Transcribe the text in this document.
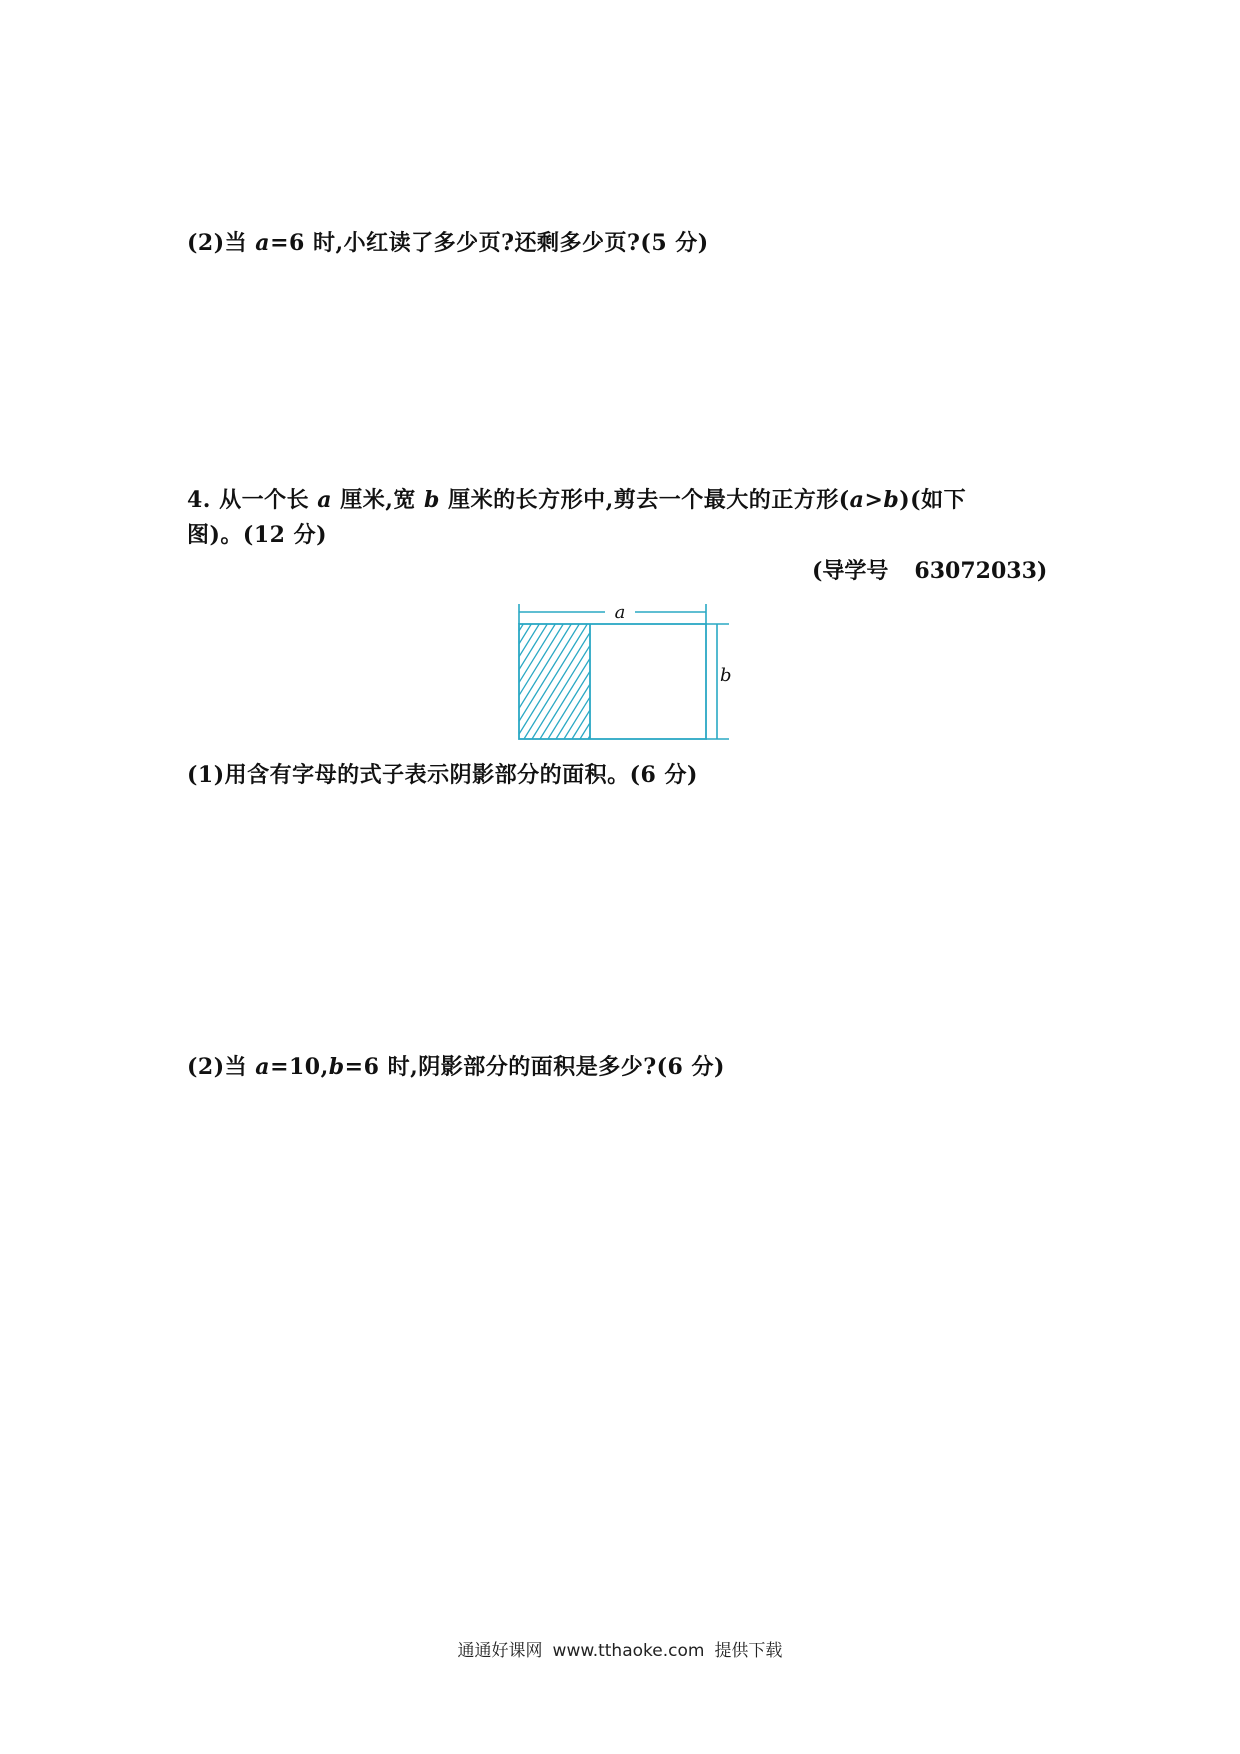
(2)当 a=6 时,小红读了多少页?还剩多少页?(5 分)
4. 从一个长 a 厘米,宽 b 厘米的长方形中,剪去一个最大的正方形(a>b)(如下
图)。(12 分)
(导学号 63072033)
a
b
(1)用含有字母的式子表示阴影部分的面积。(6 分)
(2)当 a=10,b=6 时,阴影部分的面积是多少?(6 分)
通通好课网 www.tthaoke.com 提供下载
